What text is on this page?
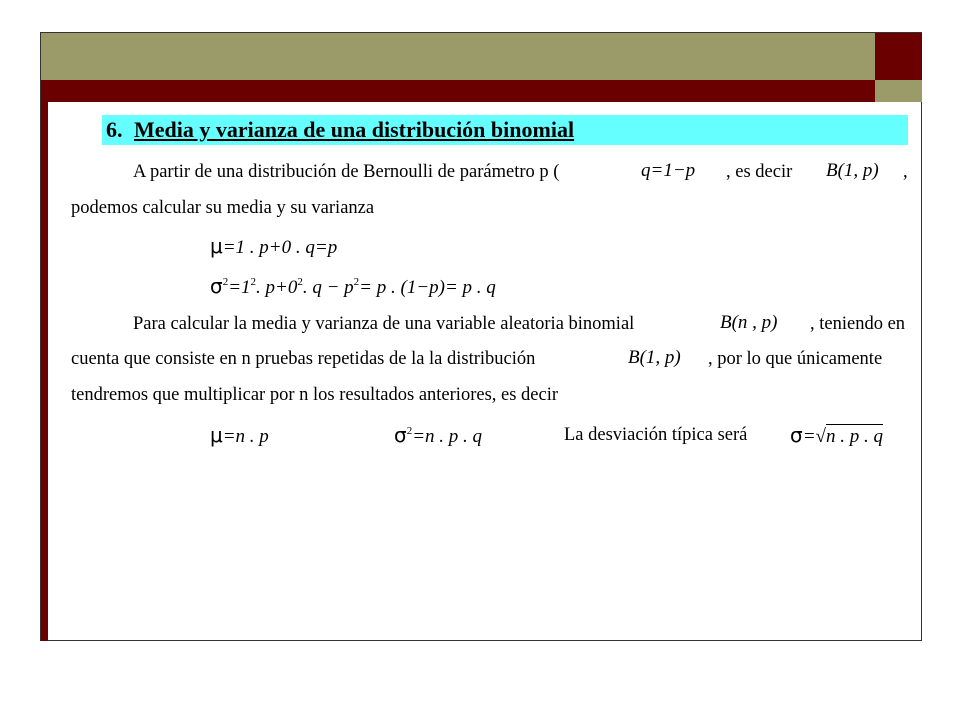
6. Media y varianza de una distribución binomial
A partir de una distribución de Bernoulli de parámetro p (	q=1−p , es decir B(1, p) ,
podemos calcular su media y su varianza
μ=1 . p+0 . q=p
$\sigma^2=1^2$. $p+0^2$. $q - p^2= p$ . (1−p)= p . q
Para calcular la media y varianza de una variable aleatoria binomial	B(n , p) , teniendo en
cuenta que consiste en n pruebas repetidas de la la distribución	B(1, p) , por lo que únicamente
tendremos que multiplicar por n los resultados anteriores, es decir
μ=n . p	$\sigma^2=n$ . p . q	La desviación típica será σ=√n . p . q
